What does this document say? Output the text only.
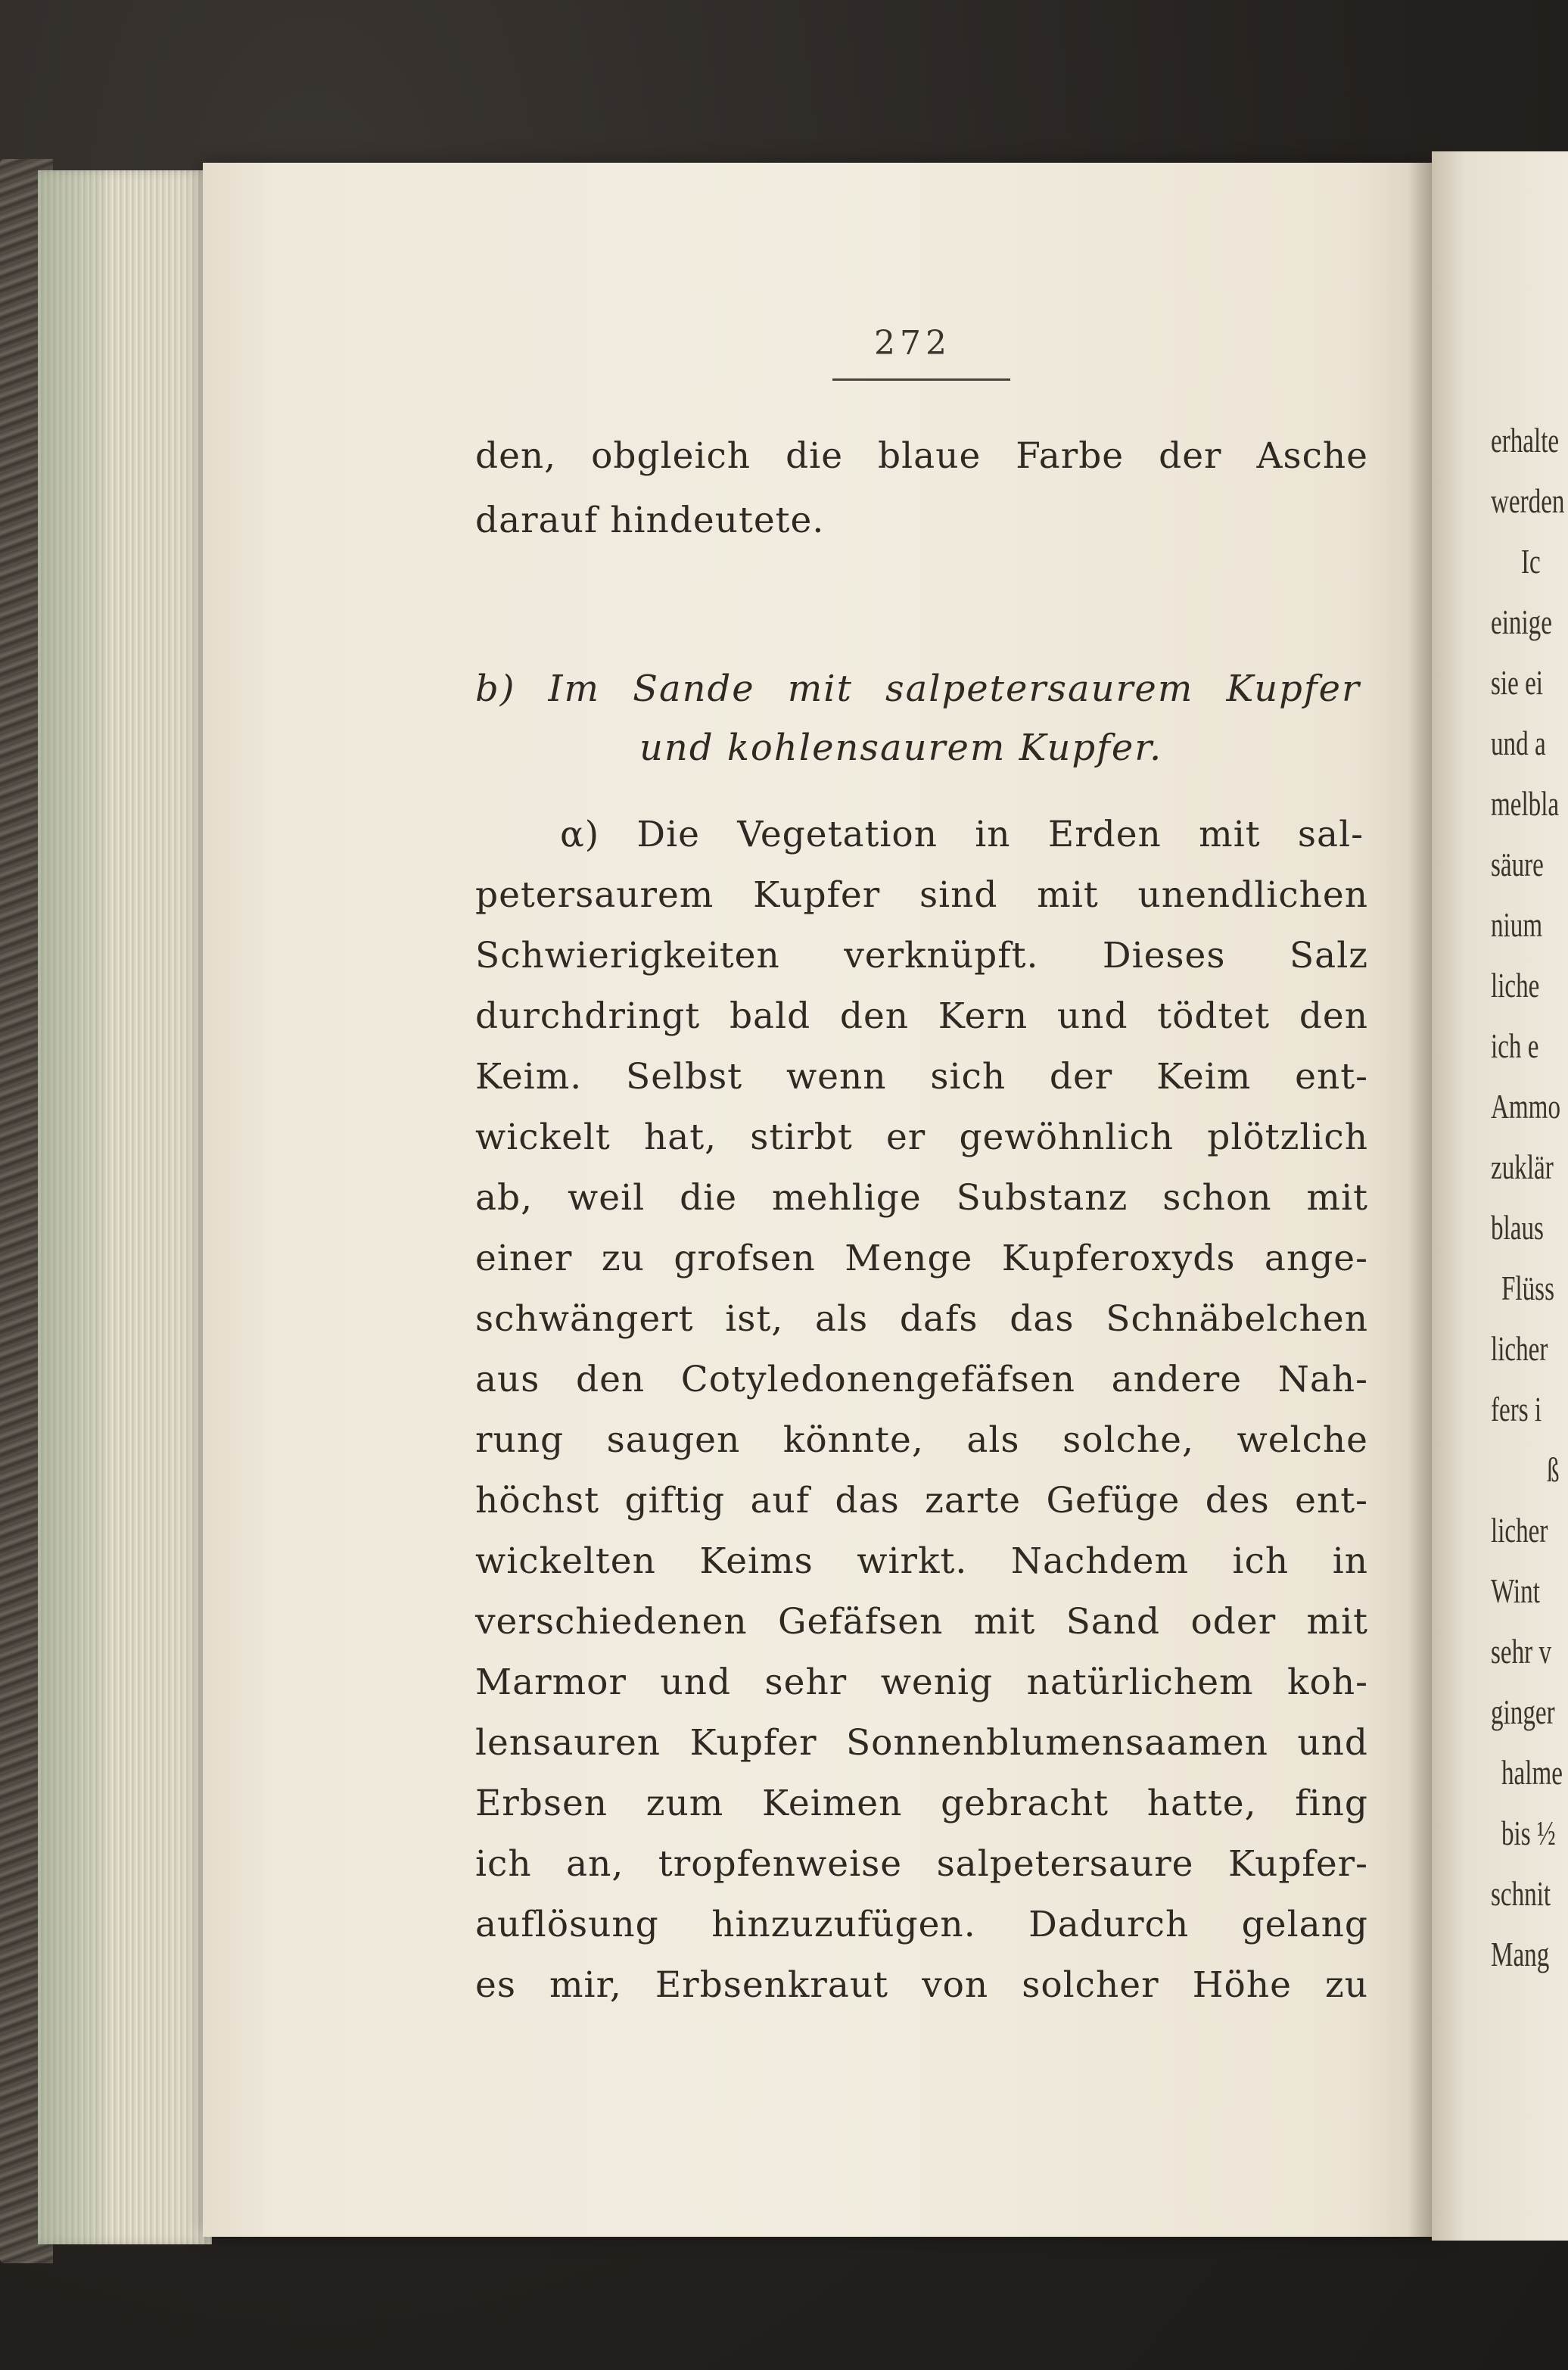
erhalte
werden
Ic
einige
sie ei
und a
melbla
säure
nium
liche
ich e
Ammo
zuklär
blaus
Flüss
licher
fers i
ß
licher
Wint
sehr v
ginger
halme
bis ½
schnit
Mang
272
den, obgleich die blaue Farbe der Asche
darauf hindeutete.
b) Im Sande mit salpetersaurem Kupfer
und kohlensaurem Kupfer.
α) Die Vegetation in Erden mit sal-
petersaurem Kupfer sind mit unendlichen
Schwierigkeiten verknüpft. Dieses Salz
durchdringt bald den Kern und tödtet den
Keim. Selbst wenn sich der Keim ent-
wickelt hat, stirbt er gewöhnlich plötzlich
ab, weil die mehlige Substanz schon mit
einer zu grofsen Menge Kupferoxyds ange-
schwängert ist, als dafs das Schnäbelchen
aus den Cotyledonengefäfsen andere Nah-
rung saugen könnte, als solche, welche
höchst giftig auf das zarte Gefüge des ent-
wickelten Keims wirkt. Nachdem ich in
verschiedenen Gefäfsen mit Sand oder mit
Marmor und sehr wenig natürlichem koh-
lensauren Kupfer Sonnenblumensaamen und
Erbsen zum Keimen gebracht hatte, fing
ich an, tropfenweise salpetersaure Kupfer-
auflösung hinzuzufügen. Dadurch gelang
es mir, Erbsenkraut von solcher Höhe zu
